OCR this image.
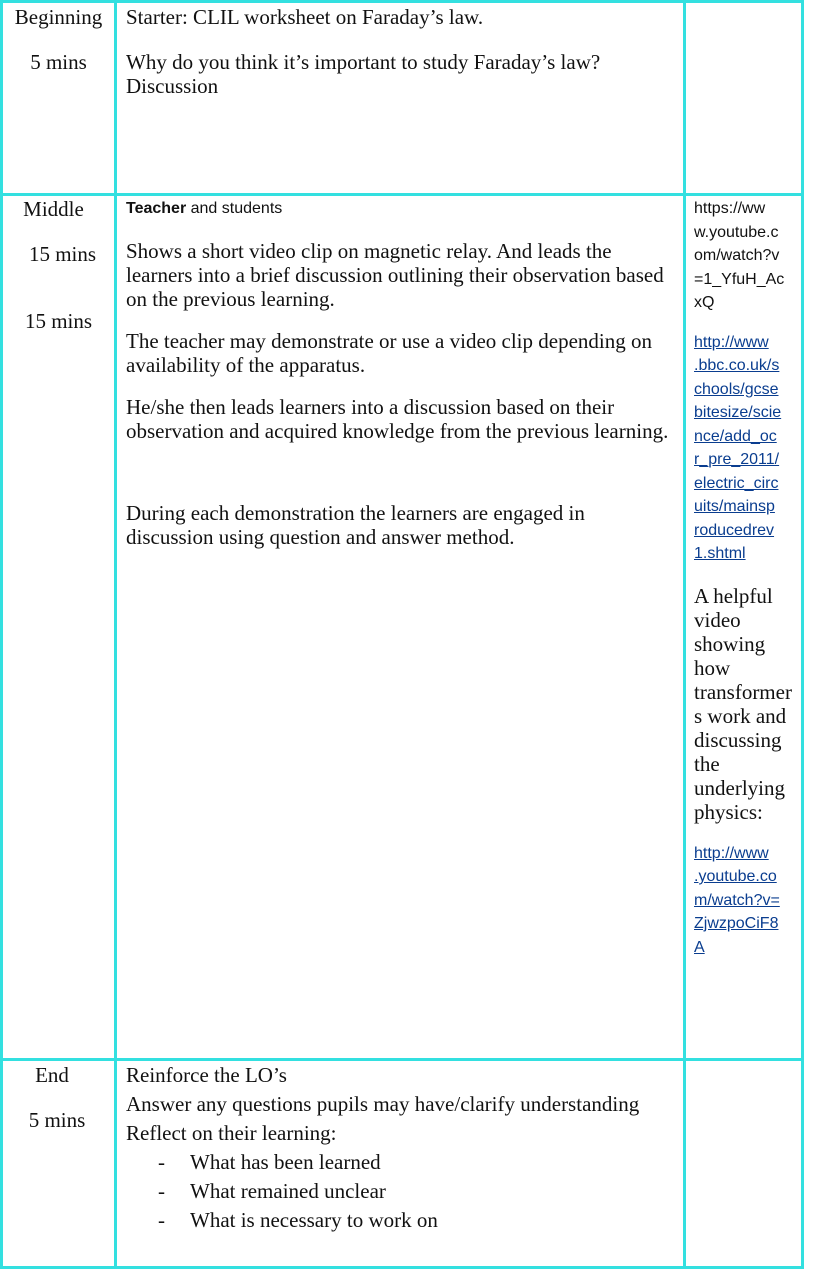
Beginning

5 mins

Starter: CLIL worksheet on Faraday’s law.

Why do you think it’s important to study Faraday’s law?
Discussion

Middle

15 mins

15 mins

Teacher and students

Shows a short video clip on magnetic relay. And leads the
learners into a brief discussion outlining their observation based
on the previous learning.

The teacher may demonstrate or use a video clip depending on
availability of the apparatus.

He/she then leads learners into a discussion based on their
observation and acquired knowledge from the previous learning.

During each demonstration the learners are engaged in
discussion using question and answer method.

https://ww
w.youtube.c
om/watch?v
=1_YfuH_Ac
xQ
http://www
.bbc.co.uk/s
chools/gcse
bitesize/scie
nce/add_oc
r_pre_2011/
electric_circ
uits/mainsp
roducedrev
1.shtml
A helpful
video
showing
how
transformer
s work and
discussing
the
underlying
physics:
http://www
.youtube.co
m/watch?v=
ZjwzpoCiF8
A

End

5 mins

Reinforce the LO’s

Answer any questions pupils may have/clarify understanding

Reflect on their learning:

- What has been learned
- What remained unclear
- What is necessary to work on
